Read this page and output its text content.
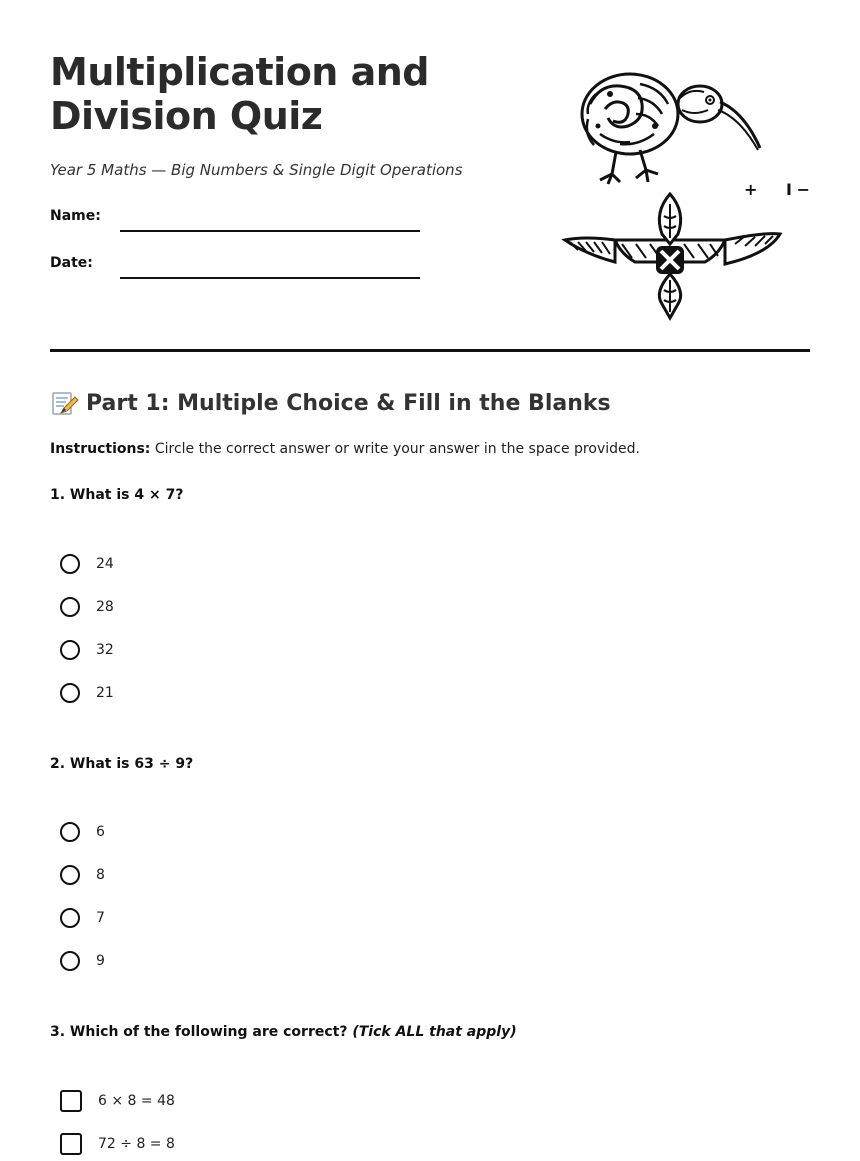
Multiplication and Division Quiz

Year 5 Maths — Big Numbers & Single Digit Operations

Name:
Date:
+ I −
Part 1: Multiple Choice & Fill in the Blanks

Instructions: Circle the correct answer or write your answer in the space provided.

1. What is 4 × 7?

24
28
32
21

2. What is 63 ÷ 9?

6
8
7
9

3. Which of the following are correct? (Tick ALL that apply)

6 × 8 = 48
72 ÷ 8 = 8
